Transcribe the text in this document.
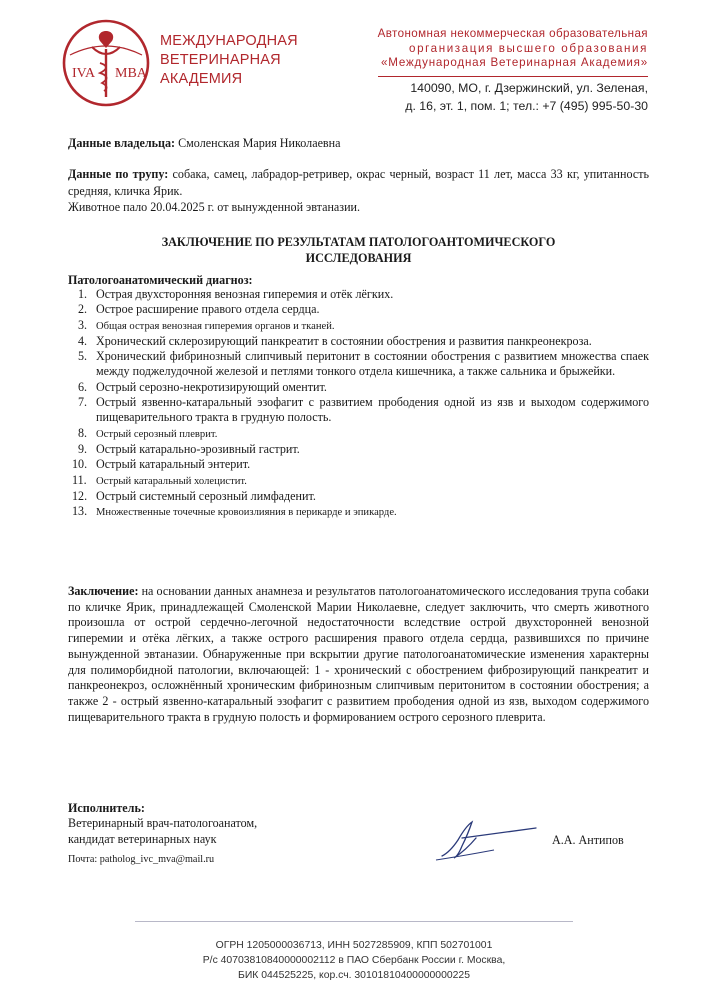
IVA MBA
МЕЖДУНАРОДНАЯ
ВЕТЕРИНАРНАЯ
АКАДЕМИЯ
Автономная некоммерческая образовательная
организация высшего образования
«Международная Ветеринарная Академия»
140090, МО, г. Дзержинский, ул. Зеленая,
д. 16, эт. 1, пом. 1; тел.: +7 (495) 995-50-30
Данные владельца: Смоленская Мария Николаевна
Данные по трупу: собака, самец, лабрадор-ретривер, окрас черный, возраст 11 лет, масса 33 кг, упитанность средняя, кличка Ярик.
Животное пало 20.04.2025 г. от вынужденной эвтаназии.
ЗАКЛЮЧЕНИЕ ПО РЕЗУЛЬТАТАМ ПАТОЛОГОАНТОМИЧЕСКОГО
ИССЛЕДОВАНИЯ
Патологоанатомический диагноз:
1. Острая двухсторонняя венозная гиперемия и отёк лёгких.
2. Острое расширение правого отдела сердца.
3. Общая острая венозная гиперемия органов и тканей.
4. Хронический склерозирующий панкреатит в состоянии обострения и развития панкреонекроза.
5. Хронический фибринозный слипчивый перитонит в состоянии обострения с развитием множества спаек между поджелудочной железой и петлями тонкого отдела кишечника, а также сальника и брыжейки.
6. Острый серозно-некротизирующий оментит.
7. Острый язвенно-катаральный эзофагит с развитием прободения одной из язв и выходом содержимого пищеварительного тракта в грудную полость.
8. Острый серозный плеврит.
9. Острый катарально-эрозивный гастрит.
10. Острый катаральный энтерит.
11. Острый катаральный холецистит.
12. Острый системный серозный лимфаденит.
13. Множественные точечные кровоизлияния в перикарде и эпикарде.
Заключение: на основании данных анамнеза и результатов патологоанатомического исследования трупа собаки по кличке Ярик, принадлежащей Смоленской Марии Николаевне, следует заключить, что смерть животного произошла от острой сердечно-легочной недостаточности вследствие острой двухсторонней венозной гиперемии и отёка лёгких, а также острого расширения правого отдела сердца, развившихся по причине вынужденной эвтаназии. Обнаруженные при вскрытии другие патологоанатомические изменения характерны для полиморбидной патологии, включающей: 1 - хронический с обострением фиброзирующий панкреатит и панкреонекроз, осложнённый хроническим фибринозным слипчивым перитонитом в состоянии обострения; а также 2 - острый язвенно-катаральный эзофагит с развитием прободения одной из язв, выходом содержимого пищеварительного тракта в грудную полость и формированием острого серозного плеврита.
Исполнитель:
Ветеринарный врач-патологоанатом,
кандидат ветеринарных наук	А.А. Антипов
Почта: patholog_ivc_mva@mail.ru
ОГРН 1205000036713, ИНН 5027285909, КПП 502701001
Р/с 40703810840000002112 в ПАО Сбербанк России г. Москва,
БИК 044525225, кор.сч. 30101810400000000225
